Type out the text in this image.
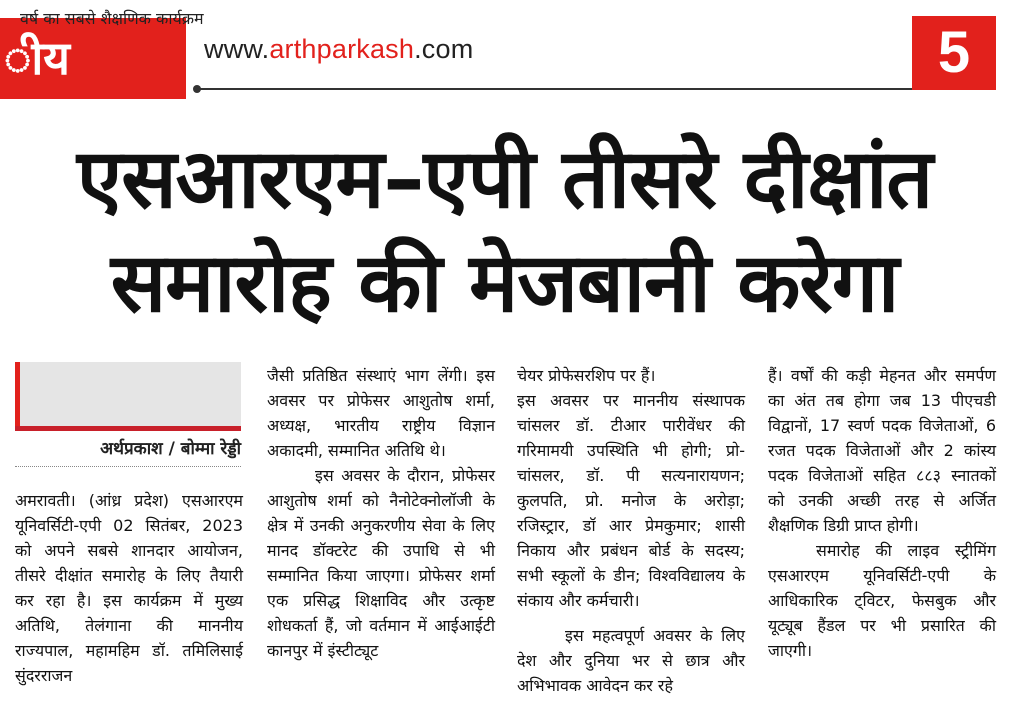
ीय	www.arthparkash.com	5
एसआरएम–एपी तीसरे दीक्षांत
समारोह की मेजबानी करेगा
वर्ष का सबसे शैक्षणिक कार्यक्रम
अर्थप्रकाश / बोम्मा रेड्डी

अमरावती। (आंध्र प्रदेश) एसआरएम यूनिवर्सिटी-एपी 02 सितंबर, 2023 को अपने सबसे शानदार आयोजन, तीसरे दीक्षांत समारोह के लिए तैयारी कर रहा है। इस कार्यक्रम में मुख्य अतिथि, तेलंगाना की माननीय राज्यपाल, महामहिम डॉ. तमिलिसाई सुंदरराजन

जैसी प्रतिष्ठित संस्थाएं भाग लेंगी। इस अवसर पर प्रोफेसर आशुतोष शर्मा, अध्यक्ष, भारतीय राष्ट्रीय विज्ञान अकादमी, सम्मानित अतिथि थे।

इस अवसर के दौरान, प्रोफेसर आशुतोष शर्मा को नैनोटेक्नोलॉजी के क्षेत्र में उनकी अनुकरणीय सेवा के लिए मानद डॉक्टरेट की उपाधि से भी सम्मानित किया जाएगा। प्रोफेसर शर्मा एक प्रसिद्ध शिक्षाविद और उत्कृष्ट शोधकर्ता हैं, जो वर्तमान में आईआईटी कानपुर में इंस्टीट्यूट

चेयर प्रोफेसरशिप पर हैं।

इस अवसर पर माननीय संस्थापक चांसलर डॉ. टीआर पारीवेंधर की गरिमामयी उपस्थिति भी होगी; प्रो-चांसलर, डॉ. पी सत्यनारायणन; कुलपति, प्रो. मनोज के अरोड़ा; रजिस्ट्रार, डॉ आर प्रेमकुमार; शासी निकाय और प्रबंधन बोर्ड के सदस्य; सभी स्कूलों के डीन; विश्वविद्यालय के संकाय और कर्मचारी।

इस महत्वपूर्ण अवसर के लिए देश और दुनिया भर से छात्र और अभिभावक आवेदन कर रहे

हैं। वर्षों की कड़ी मेहनत और समर्पण का अंत तब होगा जब 13 पीएचडी विद्वानों, 17 स्वर्ण पदक विजेताओं, 6 रजत पदक विजेताओं और 2 कांस्य पदक विजेताओं सहित ८८३ स्नातकों को उनकी अच्छी तरह से अर्जित शैक्षणिक डिग्री प्राप्त होगी।

समारोह की लाइव स्ट्रीमिंग एसआरएम यूनिवर्सिटी-एपी के आधिकारिक ट्विटर, फेसबुक और यूट्यूब हैंडल पर भी प्रसारित की जाएगी।
